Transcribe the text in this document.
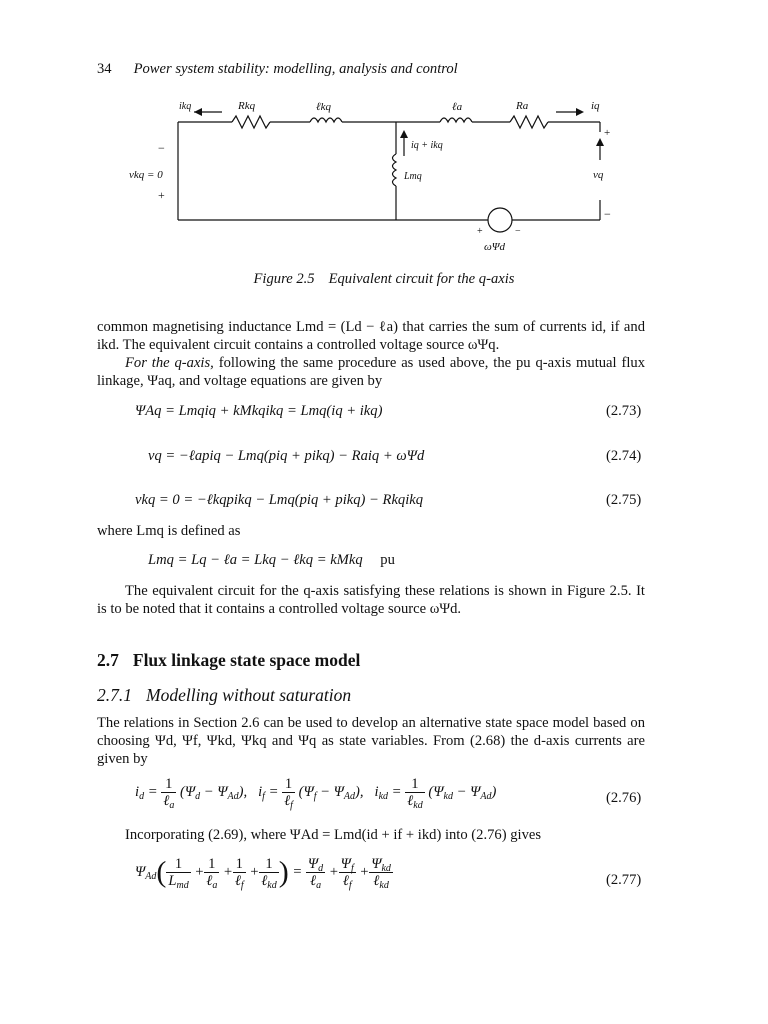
34 Power system stability: modelling, analysis and control
ikq	Rkq	ℓkq	ℓa	Ra	iq
iq + ikq
Lmq
vkq = 0
−
+
vq
+
−
+	−
ωΨd
Figure 2.5 Equivalent circuit for the q-axis
common magnetising inductance Lmd = (Ld − ℓa) that carries the sum of currents id, if and ikd. The equivalent circuit contains a controlled voltage source ωΨq.
For the q-axis, following the same procedure as used above, the pu q-axis mutual flux linkage, Ψaq, and voltage equations are given by
ΨAq = Lmqiq + kMkqikq = Lmq(iq + ikq)	(2.73)
vq = −ℓapiq − Lmq(piq + pikq) − Raiq + ωΨd	(2.74)
vkq = 0 = −ℓkqpikq − Lmq(piq + pikq) − Rkqikq	(2.75)
where Lmq is defined as
Lmq = Lq − ℓa = Lkq − ℓkq = kMkq pu
The equivalent circuit for the q-axis satisfying these relations is shown in Figure 2.5. It is to be noted that it contains a controlled voltage source ωΨd.
2.7 Flux linkage state space model
2.7.1 Modelling without saturation
The relations in Section 2.6 can be used to develop an alternative state space model based on choosing Ψd, Ψf, Ψkd, Ψkq and Ψq as state variables. From (2.68) the d-axis currents are given by
$i_d = \frac{1}{\ell_a} (\Psi_d - \Psi_{Ad})$,   $i_f = \frac{1}{\ell_f} (\Psi_f - \Psi_{Ad})$,   $i_{kd} = \frac{1}{\ell_{kd}} (\Psi_{kd} - \Psi_{Ad})$	(2.76)
Incorporating (2.69), where ΨAd = Lmd(id + if + ikd) into (2.76) gives
$\Psi_{Ad}( \frac{1}{L_{md}} + \frac{1}{\ell_a} + \frac{1}{\ell_f} + \frac{1}{\ell_{kd}}$ ) = $\frac{\Psi_d}{\ell_a} + \frac{\Psi_f}{\ell_f} + \frac{\Psi_{kd}}{\ell_{kd}}$	(2.77)
